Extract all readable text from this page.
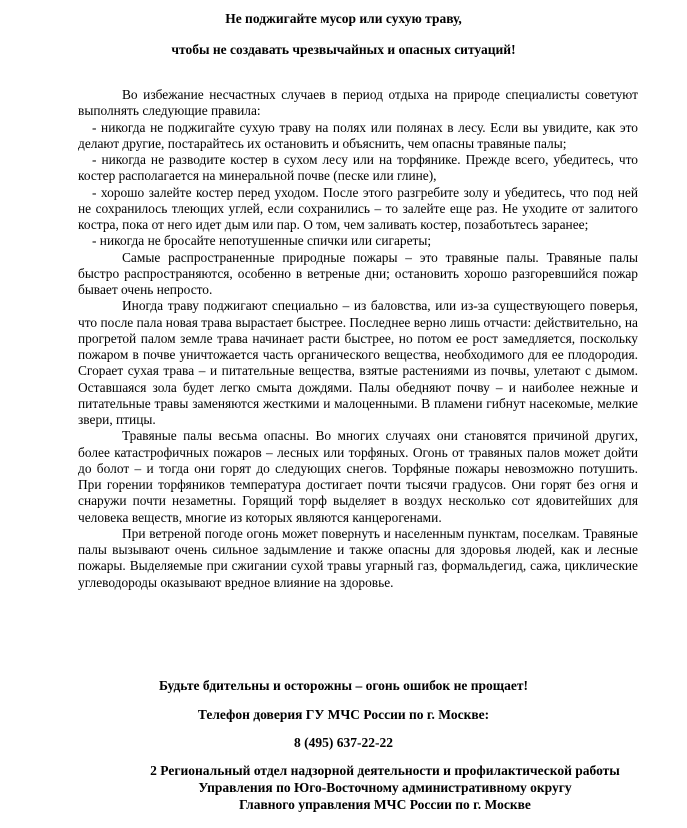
Не поджигайте мусор или сухую траву,
чтобы не создавать чрезвычайных и опасных ситуаций!

Во избежание несчастных случаев в период отдыха на природе специалисты советуют выполнять следующие правила:

- никогда не поджигайте сухую траву на полях или полянах в лесу. Если вы увидите, как это делают другие, постарайтесь их остановить и объяснить, чем опасны травяные палы;

- никогда не разводите костер в сухом лесу или на торфянике. Прежде всего, убедитесь, что костер располагается на минеральной почве (песке или глине),

- хорошо залейте костер перед уходом. После этого разгребите золу и убедитесь, что под ней не сохранилось тлеющих углей, если сохранились – то залейте еще раз. Не уходите от залитого костра, пока от него идет дым или пар. О том, чем заливать костер, позаботьтесь заранее;

- никогда не бросайте непотушенные спички или сигареты;

Самые распространенные природные пожары – это травяные палы. Травяные палы быстро распространяются, особенно в ветреные дни; остановить хорошо разгоревшийся пожар бывает очень непросто.

Иногда траву поджигают специально – из баловства, или из-за существующего поверья, что после пала новая трава вырастает быстрее. Последнее верно лишь отчасти: действительно, на прогретой палом земле трава начинает расти быстрее, но потом ее рост замедляется, поскольку пожаром в почве уничтожается часть органического вещества, необходимого для ее плодородия. Сгорает сухая трава – и питательные вещества, взятые растениями из почвы, улетают с дымом. Оставшаяся зола будет легко смыта дождями. Палы обедняют почву – и наиболее нежные и питательные травы заменяются жесткими и малоценными. В пламени гибнут насекомые, мелкие звери, птицы.

Травяные палы весьма опасны. Во многих случаях они становятся причиной других, более катастрофичных пожаров – лесных или торфяных. Огонь от травяных палов может дойти до болот – и тогда они горят до следующих снегов. Торфяные пожары невозможно потушить. При горении торфяников температура достигает почти тысячи градусов. Они горят без огня и снаружи почти незаметны. Горящий торф выделяет в воздух несколько сот ядовитейших для человека веществ, многие из которых являются канцерогенами.

При ветреной погоде огонь может повернуть и населенным пунктам, поселкам. Травяные палы вызывают очень сильное задымление и также опасны для здоровья людей, как и лесные пожары. Выделяемые при сжигании сухой травы угарный газ, формальдегид, сажа, циклические углеводороды оказывают вредное влияние на здоровье.

Будьте бдительны и осторожны – огонь ошибок не прощает!
Телефон доверия ГУ МЧС России по г. Москве:
8 (495) 637-22-22
2 Региональный отдел надзорной деятельности и профилактической работы
Управления по Юго-Восточному административному округу
Главного управления МЧС России по г. Москве
